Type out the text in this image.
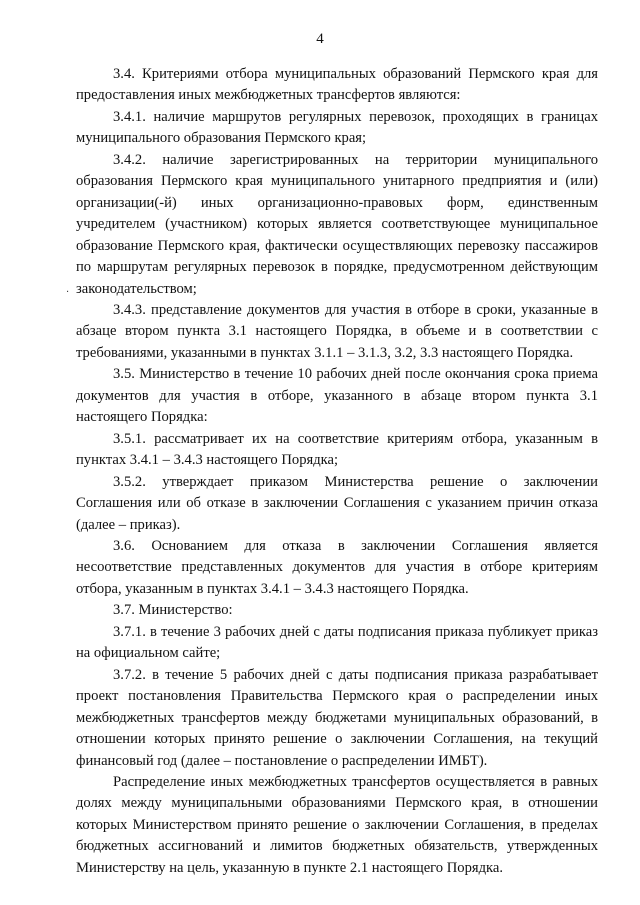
4
·

3.4. Критериями отбора муниципальных образований Пермского края для предоставления иных межбюджетных трансфертов являются:

3.4.1. наличие маршрутов регулярных перевозок, проходящих в границах муниципального образования Пермского края;

3.4.2. наличие зарегистрированных на территории муниципального образования Пермского края муниципального унитарного предприятия и (или) организации(-й) иных организационно-правовых форм, единственным учредителем (участником) которых является соответствующее муниципальное образование Пермского края, фактически осуществляющих перевозку пассажиров по маршрутам регулярных перевозок в порядке, предусмотренном действующим законодательством;

3.4.3. представление документов для участия в отборе в сроки, указанные в абзаце втором пункта 3.1 настоящего Порядка, в объеме и в соответствии с требованиями, указанными в пунктах 3.1.1 – 3.1.3, 3.2, 3.3 настоящего Порядка.

3.5. Министерство в течение 10 рабочих дней после окончания срока приема документов для участия в отборе, указанного в абзаце втором пункта 3.1 настоящего Порядка:

3.5.1. рассматривает их на соответствие критериям отбора, указанным в пунктах 3.4.1 – 3.4.3 настоящего Порядка;

3.5.2. утверждает приказом Министерства решение о заключении Соглашения или об отказе в заключении Соглашения с указанием причин отказа (далее – приказ).

3.6. Основанием для отказа в заключении Соглашения является несоответствие представленных документов для участия в отборе критериям отбора, указанным в пунктах 3.4.1 – 3.4.3 настоящего Порядка.

3.7. Министерство:

3.7.1. в течение 3 рабочих дней с даты подписания приказа публикует приказ на официальном сайте;

3.7.2. в течение 5 рабочих дней с даты подписания приказа разрабатывает проект постановления Правительства Пермского края о распределении иных межбюджетных трансфертов между бюджетами муниципальных образований, в отношении которых принято решение о заключении Соглашения, на текущий финансовый год (далее – постановление о распределении ИМБТ).

Распределение иных межбюджетных трансфертов осуществляется в равных долях между муниципальными образованиями Пермского края, в отношении которых Министерством принято решение о заключении Соглашения, в пределах бюджетных ассигнований и лимитов бюджетных обязательств, утвержденных Министерству на цель, указанную в пункте 2.1 настоящего Порядка.
